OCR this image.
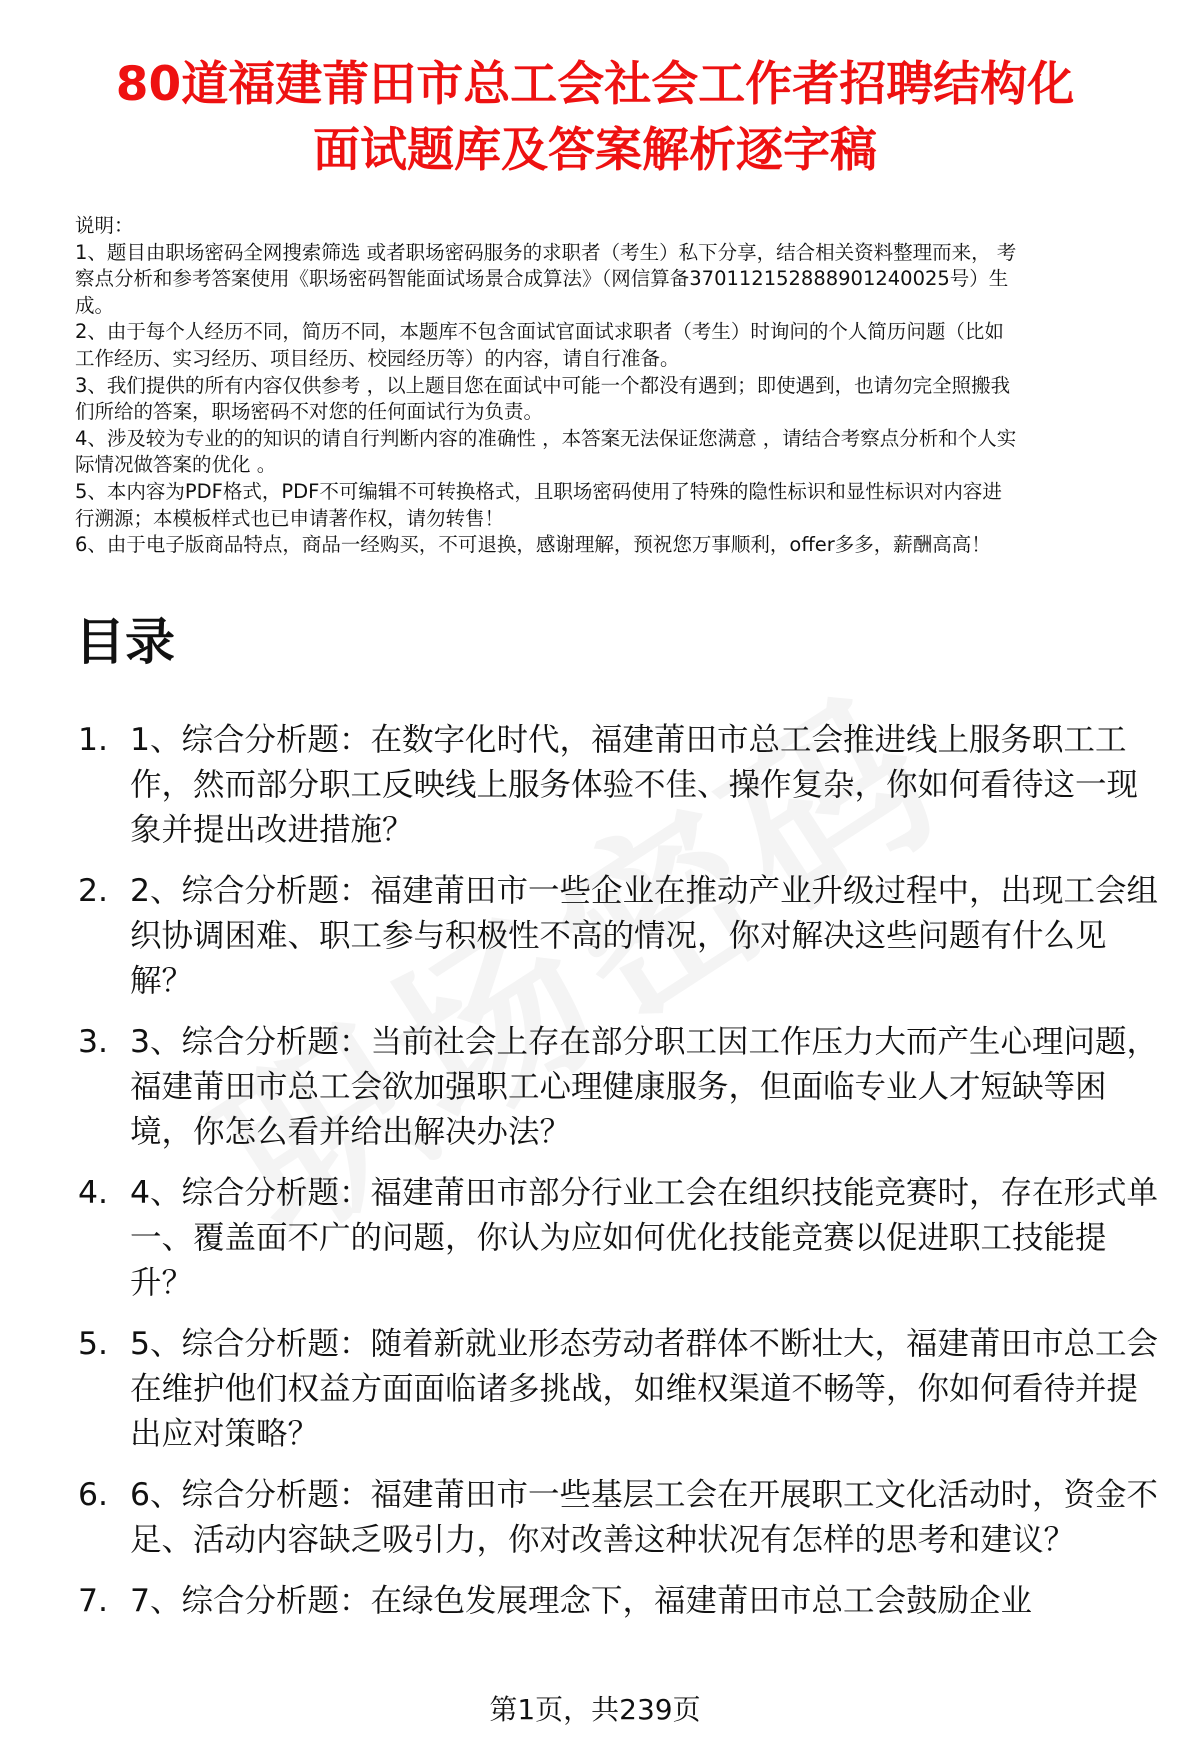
80道福建莆田市总工会社会工作者招聘结构化
面试题库及答案解析逐字稿
说明：
1、题目由职场密码全网搜索筛选 或者职场密码服务的求职者（考生）私下分享，结合相关资料整理而来， 考
察点分析和参考答案使用《职场密码智能面试场景合成算法》（网信算备370112152888901240025号）生
成。
2、由于每个人经历不同，简历不同，本题库不包含面试官面试求职者（考生）时询问的个人简历问题（比如
工作经历、实习经历、项目经历、校园经历等）的内容，请自行准备。
3、我们提供的所有内容仅供参考 ，以上题目您在面试中可能一个都没有遇到；即使遇到，也请勿完全照搬我
们所给的答案，职场密码不对您的任何面试行为负责。
4、涉及较为专业的的知识的请自行判断内容的准确性 ，本答案无法保证您满意 ，请结合考察点分析和个人实
际情况做答案的优化 。
5、本内容为PDF格式，PDF不可编辑不可转换格式，且职场密码使用了特殊的隐性标识和显性标识对内容进
行溯源；本模板样式也已申请著作权，请勿转售！
6、由于电子版商品特点，商品一经购买，不可退换，感谢理解，预祝您万事顺利，offer多多，薪酬高高！
目录
1. 1、综合分析题：在数字化时代，福建莆田市总工会推进线上服务职工工作，然而部分职工反映线上服务体验不佳、操作复杂，你如何看待这一现象并提出改进措施？
2. 2、综合分析题：福建莆田市一些企业在推动产业升级过程中，出现工会组织协调困难、职工参与积极性不高的情况，你对解决这些问题有什么见解？
3. 3、综合分析题：当前社会上存在部分职工因工作压力大而产生心理问题，福建莆田市总工会欲加强职工心理健康服务，但面临专业人才短缺等困境，你怎么看并给出解决办法？
4. 4、综合分析题：福建莆田市部分行业工会在组织技能竞赛时，存在形式单一、覆盖面不广的问题，你认为应如何优化技能竞赛以促进职工技能提升？
5. 5、综合分析题：随着新就业形态劳动者群体不断壮大，福建莆田市总工会在维护他们权益方面面临诸多挑战，如维权渠道不畅等，你如何看待并提出应对策略？
6. 6、综合分析题：福建莆田市一些基层工会在开展职工文化活动时，资金不足、活动内容缺乏吸引力，你对改善这种状况有怎样的思考和建议？
7. 7、综合分析题：在绿色发展理念下，福建莆田市总工会鼓励企业
第1页，共239页
